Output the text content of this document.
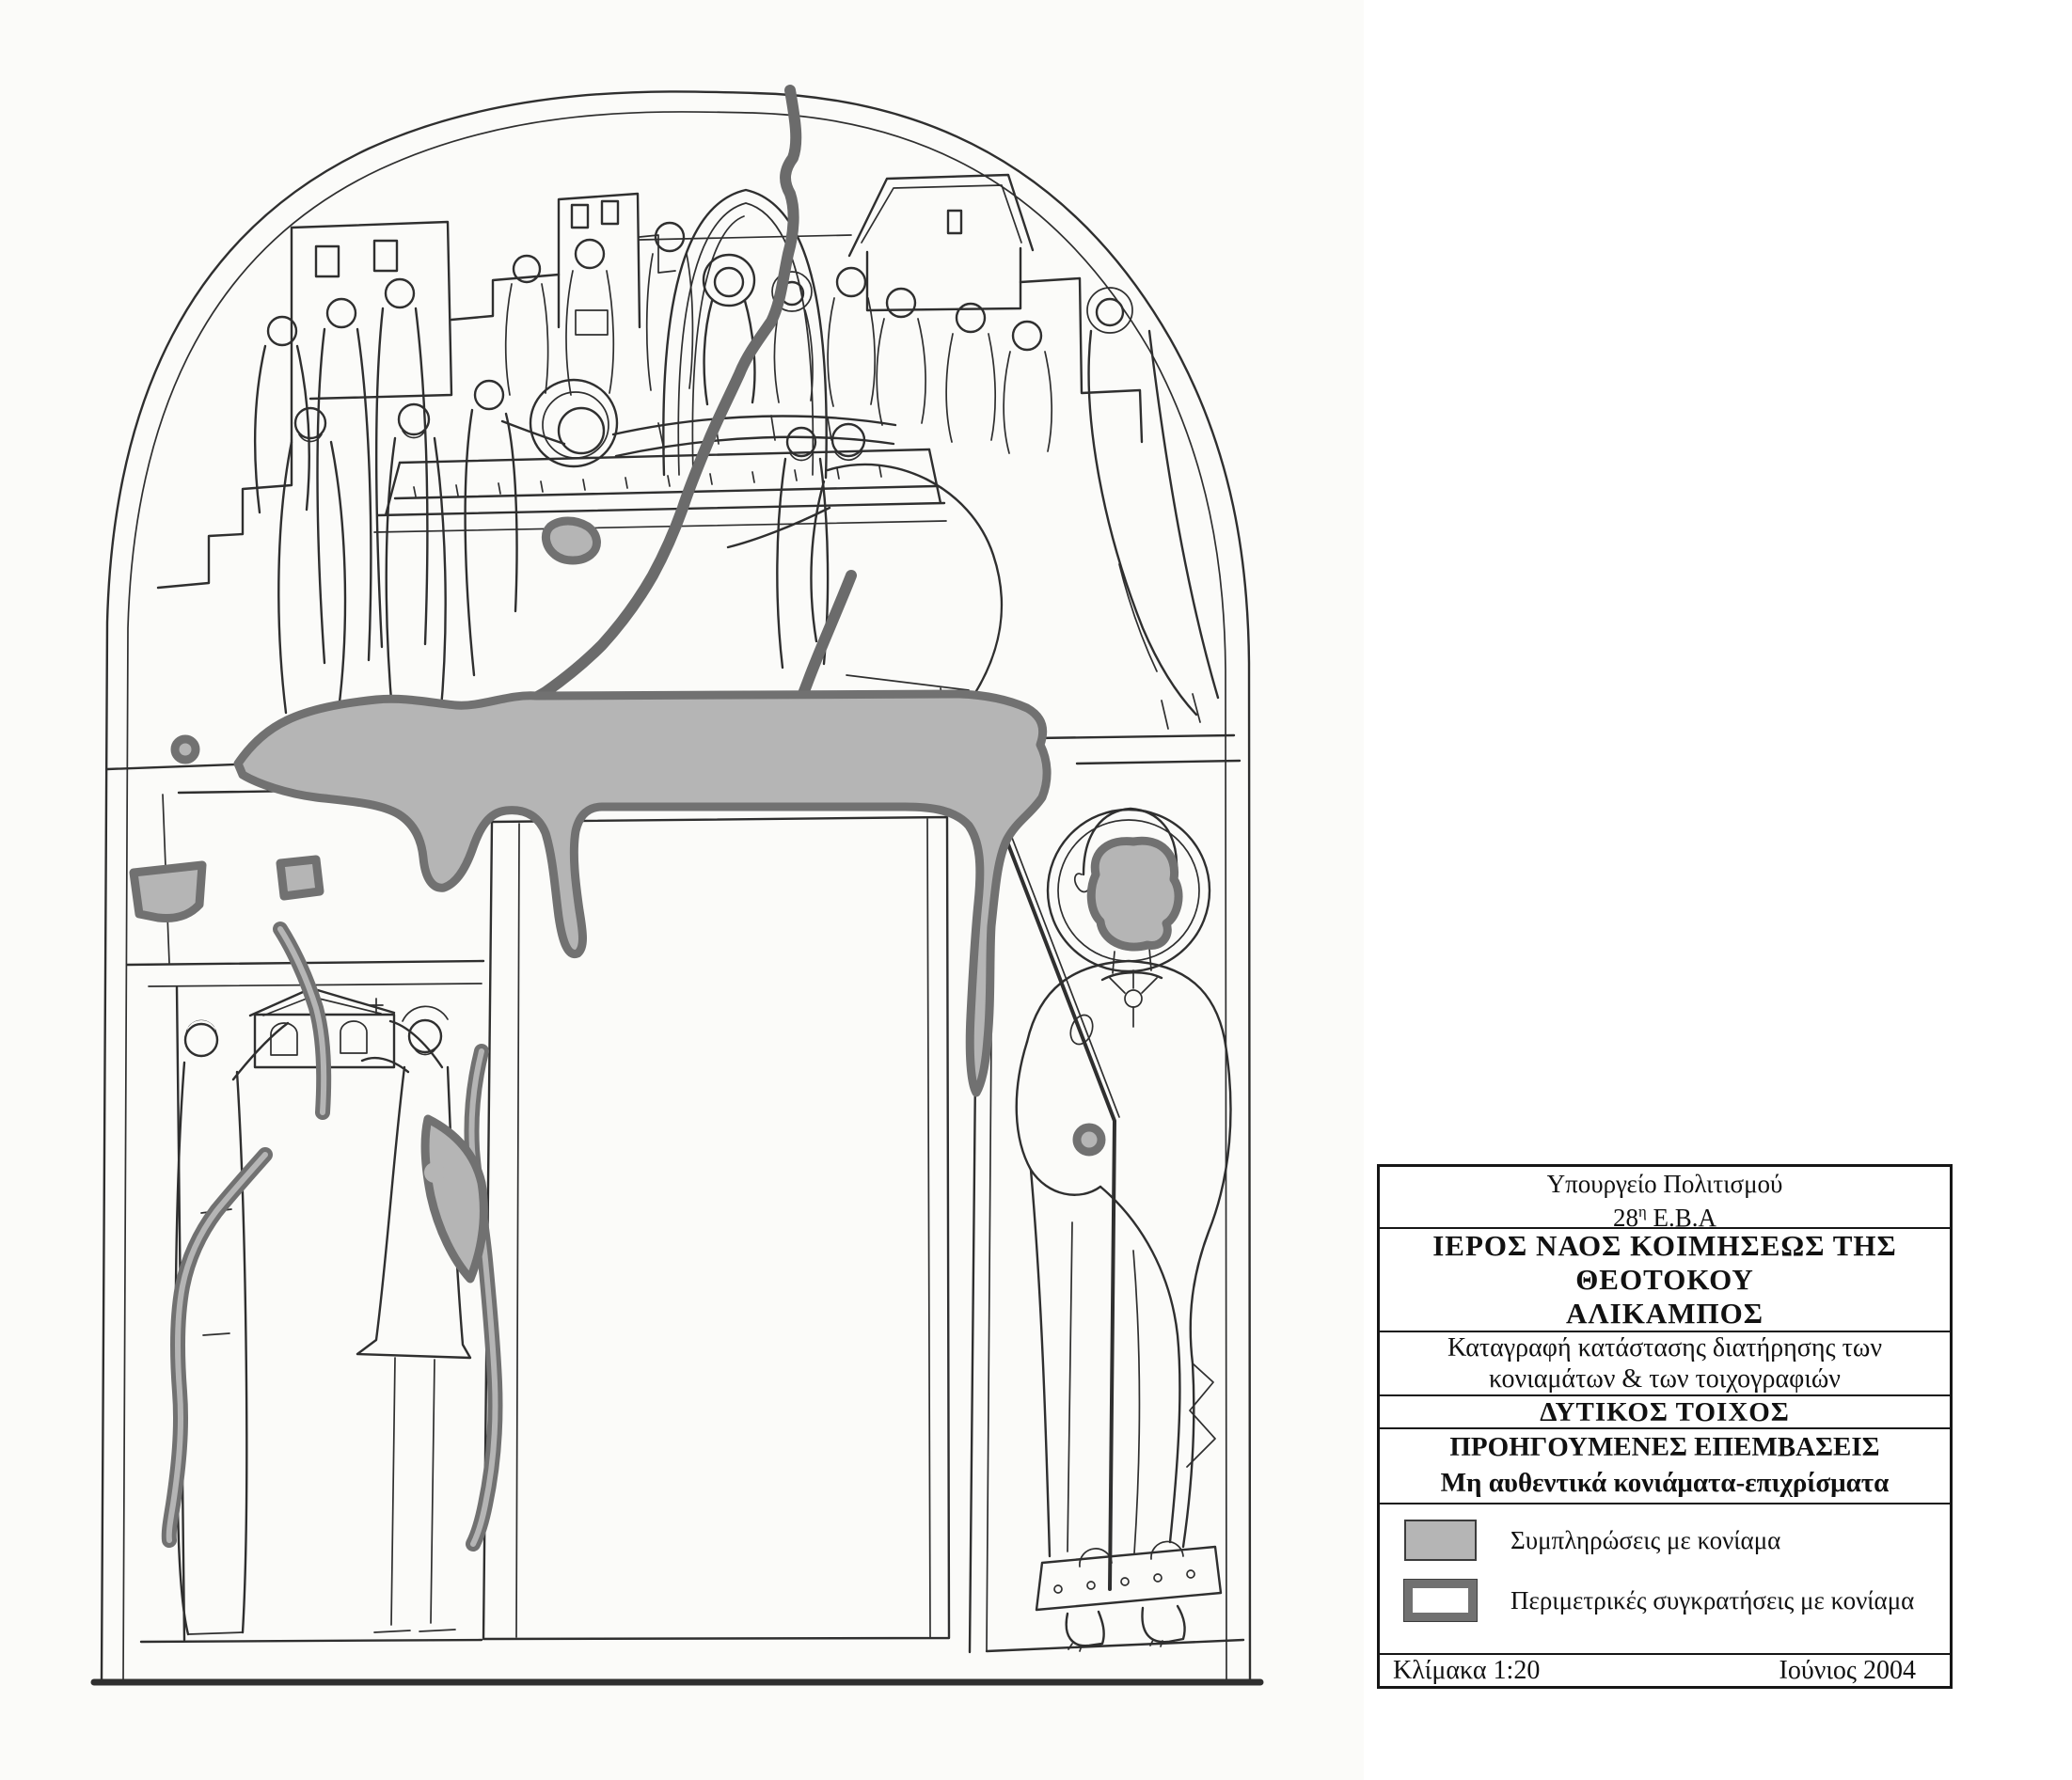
Υπουργείο Πολιτισμού
$28^\eta$ Ε.Β.Α
ΙΕΡΟΣ ΝΑΟΣ ΚΟΙΜΗΣΕΩΣ ΤΗΣ
ΘΕΟΤΟΚΟΥ
ΑΛΙΚΑΜΠΟΣ
Καταγραφή κατάστασης διατήρησης των
κονιαμάτων & των τοιχογραφιών
ΔΥΤΙΚΟΣ ΤΟΙΧΟΣ
ΠΡΟΗΓΟΥΜΕΝΕΣ ΕΠΕΜΒΑΣΕΙΣ
Μη αυθεντικά κονιάματα-επιχρίσματα
Συμπληρώσεις με κονίαμα
Περιμετρικές συγκρατήσεις με κονίαμα
Κλίμακα 1:20	Ιούνιος 2004
